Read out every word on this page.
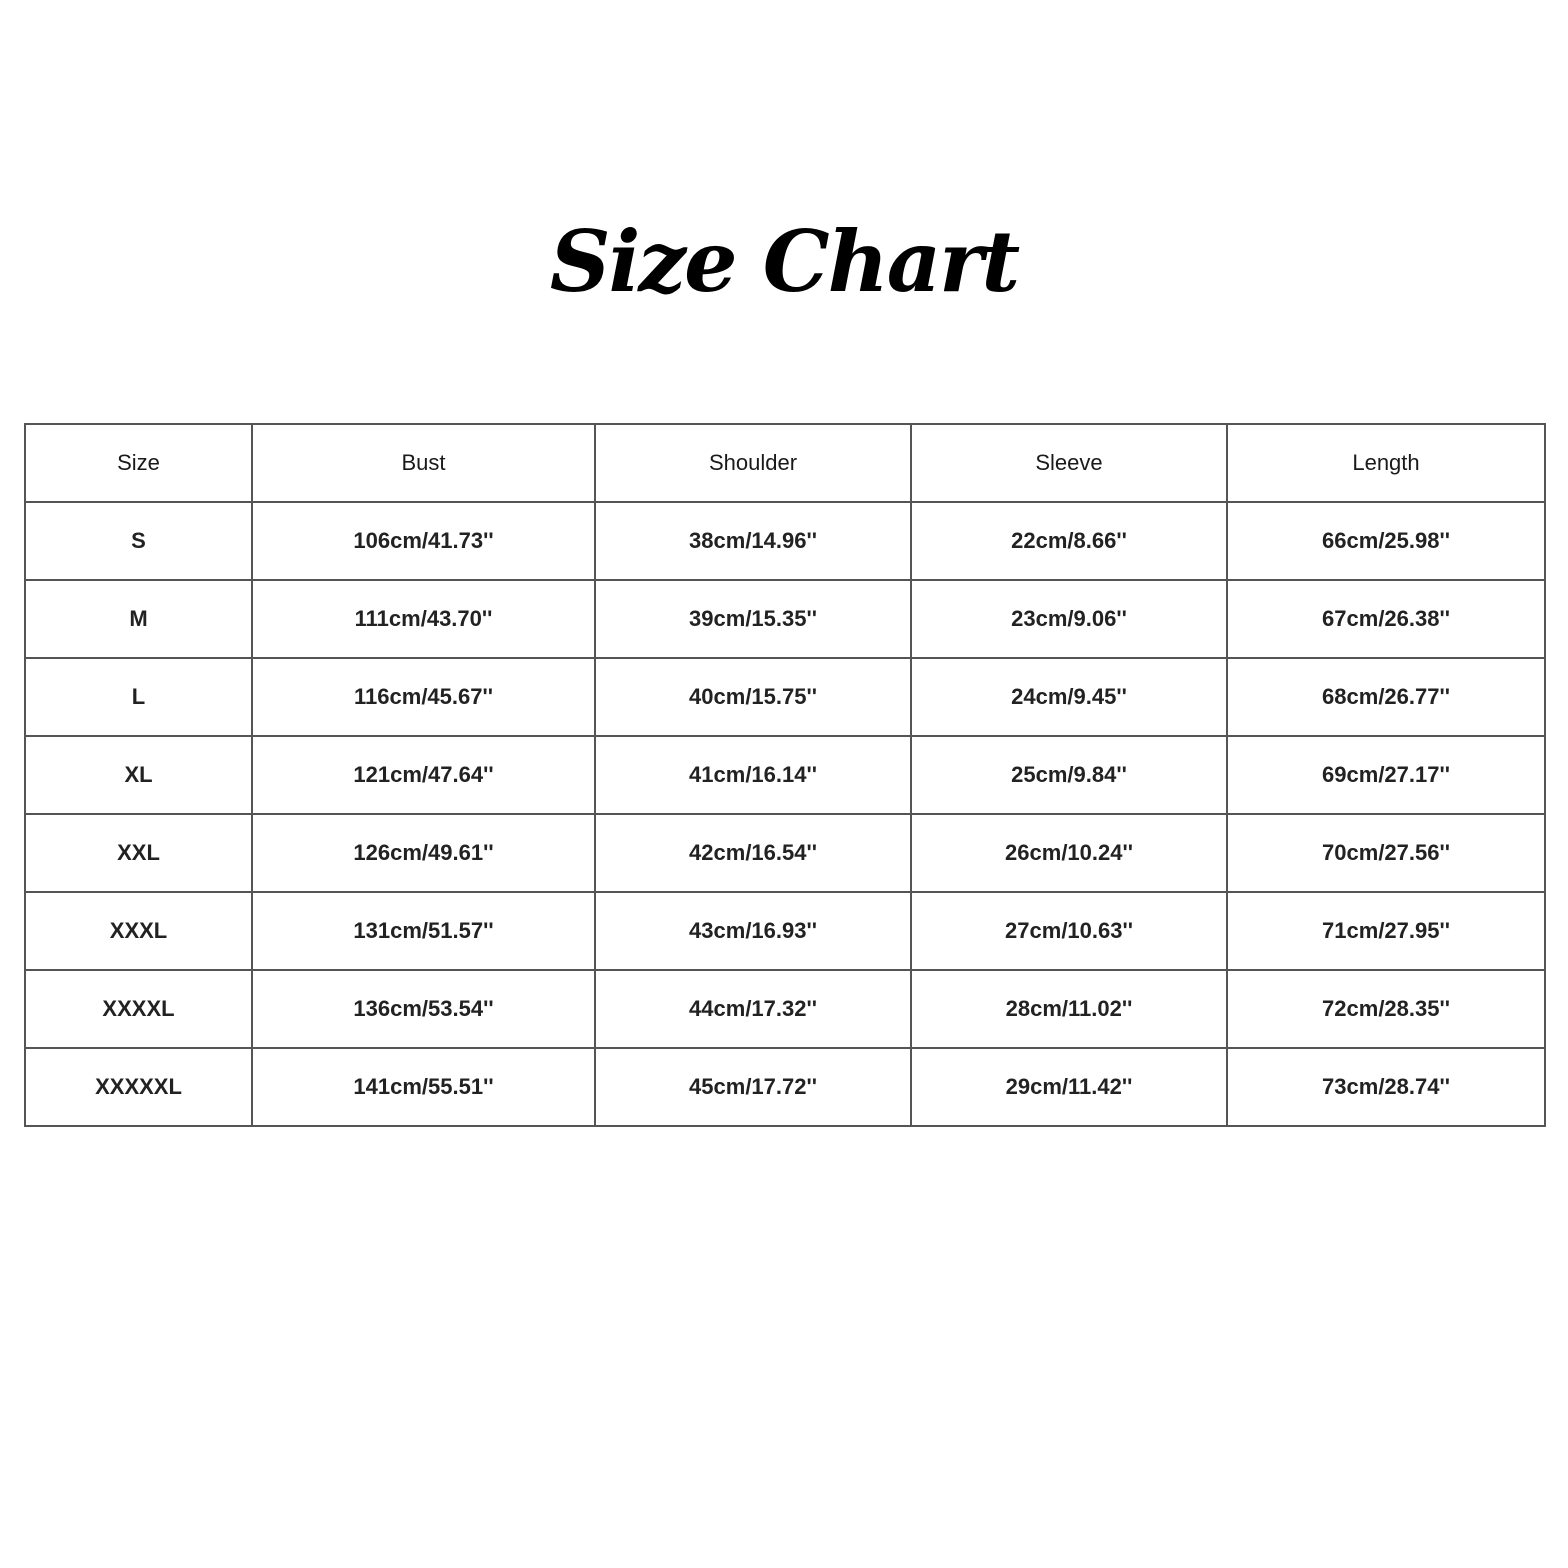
Size Chart
Size	Bust	Shoulder	Sleeve	Length
S	106cm/41.73''	38cm/14.96''	22cm/8.66''	66cm/25.98''
M	111cm/43.70''	39cm/15.35''	23cm/9.06''	67cm/26.38''
L	116cm/45.67''	40cm/15.75''	24cm/9.45''	68cm/26.77''
XL	121cm/47.64''	41cm/16.14''	25cm/9.84''	69cm/27.17''
XXL	126cm/49.61''	42cm/16.54''	26cm/10.24''	70cm/27.56''
XXXL	131cm/51.57''	43cm/16.93''	27cm/10.63''	71cm/27.95''
XXXXL	136cm/53.54''	44cm/17.32''	28cm/11.02''	72cm/28.35''
XXXXXL	141cm/55.51''	45cm/17.72''	29cm/11.42''	73cm/28.74''
